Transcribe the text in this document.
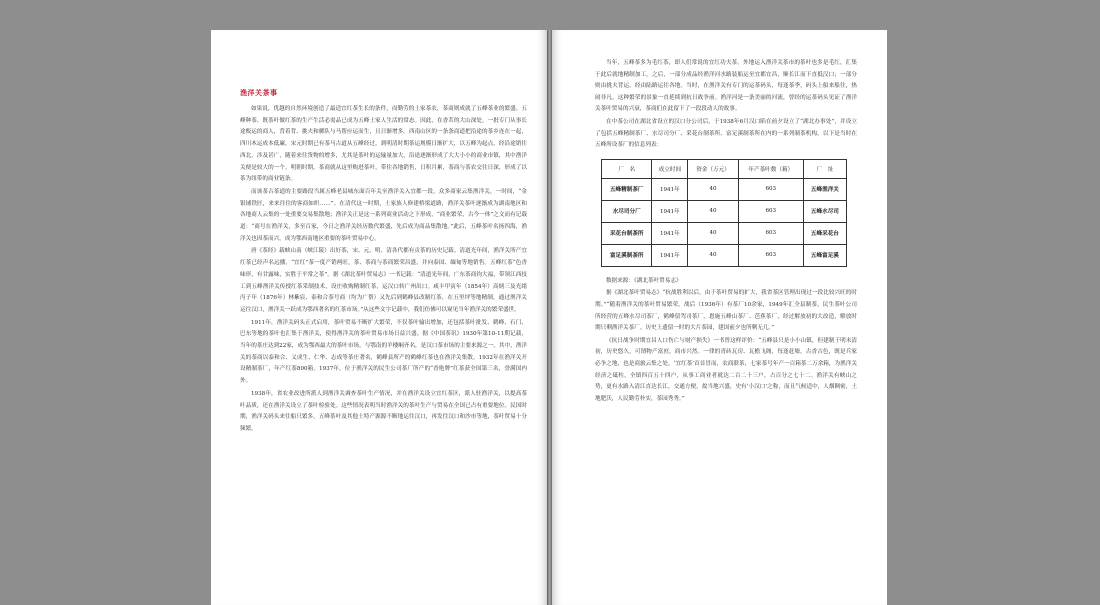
渔洋关茶事

如果说，优越的自然环境创造了最适宜红茶生长的条件，而勤劳的土家茶农，茶商则成就了五峰茶业的繁盛。五峰种茶，既茶叶做红茶的生产生活必需品已成为五峰土家人生活的常态。因此，在香茗的大山深处，一批专门从事长途贩运的商人，背着背、挑夫和骡队与马帮应运而生，且日渐增多。西南山区的一条条商道把沿途的茶乡连在一起，四川木运成本低廉，宋元时期已有茶马古道从五峰经过，到明清时期茶运规模日渐扩大，以五峰为起点，经沿途销往西北，涉及甚广，随着来往货物的增多，尤其是茶叶的运输量加大，沿途逐渐形成了大大小小的商业市镇，其中渔洋关便是较大的一个。明朝时期，茶商就从这里购进茶叶，带往各地销售，日积月累，茶商与茶农交往日深，形成了以茶为纽带的商业链条。

而该茶古茶道的主要路段当属五峰老县城东面百年关至渔洋关入宜都一段。众多商家云集渔洋关，一时间，“金银铺铁匠，来来往往的客商如织……”。在清代这一时期，土家族人修建桥梁道路，渔洋关茶叶逐渐成为湖南地区和各地商人云集的一处重要交易集散地；渔洋关正是这一系列商业活动之下形成，“商业繁荣，古今一体”之文而有记载道：“商号在渔洋关，多至百家，今日之渔洋关经历数代繁盛，先后成为商品集散地。”此后，五峰茶叶名扬四海，渔洋关也因茶而兴，成为鄂西南地区重要的茶叶贸易中心。

唐《茶经》载峡山南（峡江陵）出好茶，宋、元、明、清各代都有贡茶的历史记载。清道光年间，渔洋关所产宜红茶已经声名远播，“宜红”茶一度产销两旺，茶、茶商与茶商繁荣昌盛，并向泰国、缅甸等地销售。五峰红茶“色香味形，有甘露味，实胜于平常之茶”。据《湖北茶叶贸易志》一书记载：“清道光年间，广东茶商钧大福，带领江西技工到五峰渔洋关传授红茶采制技术，设庄收购精制红茶，运汉口转广州出口。咸丰甲寅年（1854年）高炳三及光绪丙子年（1876年）林紫宸、泰和合茶号商（均为广帮）又先后到鹤峰县改制红茶，在五里坪等地精制，通过渔洋关运往汉口，渔洋关一跃成为鄂西著名的红茶市场。”从这些文字记载中，我们仿佛可以窥见当年渔洋关的繁荣盛世。

1911年，渔洋关码头正式启用，茶叶贸易不断扩大繁荣，不仅茶叶输出增加，还包括茶叶批发、鹤峰、石门、巴东等地的茶叶也汇集于渔洋关，使得渔洋关的茶叶贸易市场日益兴盛。据《中国茶讯》1930年第10-11期记载，当年的茶庄达到22家，成为鄂西最大的茶叶市场，与鄂南的羊楼峒齐名，是汉口茶市场的主要来源之一。其中，渔洋关的茶商以泰和合、义成生、仁华、志成等茶庄著名，鹤峰县所产的鹤峰红茶也在渔洋关集散。1932年在渔洋关开设精制茶厂，年产红茶800箱。1937年，位于渔洋关的民生公司茶厂所产的“香艳牌”红茶获全国第三名，誉满国内外。

1938年，省农业改进所派人到渔洋关调查茶叶生产情况，并在渔洋关设立宜红茶区，派人驻渔洋关，以提高茶叶品质，还在渔洋关设立了茶叶检验处。这些情况表明当时渔洋关的茶叶生产与贸易在全国已占有重要地位。民国时期，渔洋关码头来往船只繁多，五峰茶叶及其他土特产源源不断地运往汉口，再发往汉口和沙市等地，茶叶贸易十分频繁。

当年，五峰茶多为毛红茶，即人们常说的宜红功夫茶。外地运入渔洋关茶市的茶叶也多是毛红，汇集于此后就地精制加工。之后，一部分成品经渔洋河水路装船运至宜都宜昌，顺长江而下直抵汉口；一部分则由挑夫背运，经由陆路运往各地。当时，在渔洋关有专门的运茶码头，每逢茶季，码头上船来船往，热闹非凡，这种繁荣的景象一直延续到抗日战争前。渔洋河是一条美丽的河流，曾经的运茶码头见证了渔洋关茶叶贸易的兴衰，茶商们在此留下了一段段动人的故事。

在中茶公司在湖北省设立的汉口分公司后，于1938年6月汉口陷在前夕设立了“湖北办事处”，并设立了包括五峰精制茶厂、水尽司分厂、采花台制茶所、富足溪制茶所在内的一系列制茶机构。以下是当时在五峰所设茶厂的信息列表：

厂　名	成立时间	资金（万元）	年产茶叶数（箱）	厂　址
五峰精制茶厂	1941年	40	603	五峰渔洋关
水尽司分厂	1941年	40	603	五峰水尽司
采花台制茶所	1941年	40	603	五峰采花台
富足溪制茶所	1941年	40	603	五峰富足溪

数据来源：《湖北茶叶贸易志》

据《湖北茶叶贸易志》“抗战胜利以后，由于茶叶贸易的扩大，我省茶区管理出现过一段比较兴旺的时期。”“随着渔洋关的茶叶贸易繁荣，战后（1936年）有茶厂10余家，1949年汇全县制茶，民生茶叶公司所经营的五峰水尽司茶厂，鹤峰留驾司茶厂，恩施五峰山茶厂、芭蕉茶厂，经过解放初的大改造，解放时期只剩渔洋关茶厂。历史上遗留一时的大片茶园，建国前夕也所剩无几。”

《抗日战争时期宜昌人口伤亡与财产损失》一书曾这样评价：“五峰县只是小小山镇，但建制于明末清初，历史悠久，可谓物产富庶，商市兴然。一律的青砖瓦房、瓦檐飞阁，每逢赶墟，古香古色，既是兵家必争之地，也是商旅云集之处，‘宜红茶’首首冒而，农商联茶，七家茶号年产一百箱茶二万余箱，为渔洋关经济之砥柱。全镇四百五十四户，从事工商业者就达二百二十三户，占百分之七十二。渔洋关有峡山之势，更有水路入清江直达长江，交通方便，故当地兴盛，史有‘小汉口’之称，而且气候适中，人烟稠密，土地肥沃，人民勤劳朴实，茶园秀秀。”
